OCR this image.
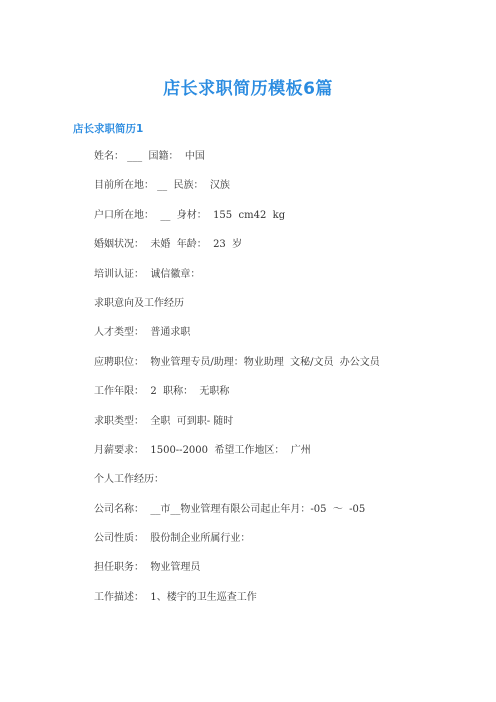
店长求职简历模板6篇
店长求职简历1
姓名： ___  国籍：  中国
目前所在地： __  民族：  汉族
户口所在地：  __  身材：  155  cm42  kg
婚姻状况：  未婚  年龄：  23  岁
培训认证：  诚信徽章：
求职意向及工作经历
人才类型：  普通求职
应聘职位：  物业管理专员/助理：物业助理  文秘/文员  办公文员
工作年限：  2  职称：  无职称
求职类型：  全职  可到职- 随时
月薪要求：  1500--2000  希望工作地区：  广州
个人工作经历：
公司名称：  __市__物业管理有限公司起止年月：-05  ～  -05
公司性质：  股份制企业所属行业：
担任职务：  物业管理员
工作描述：  1、楼宇的卫生巡查工作
